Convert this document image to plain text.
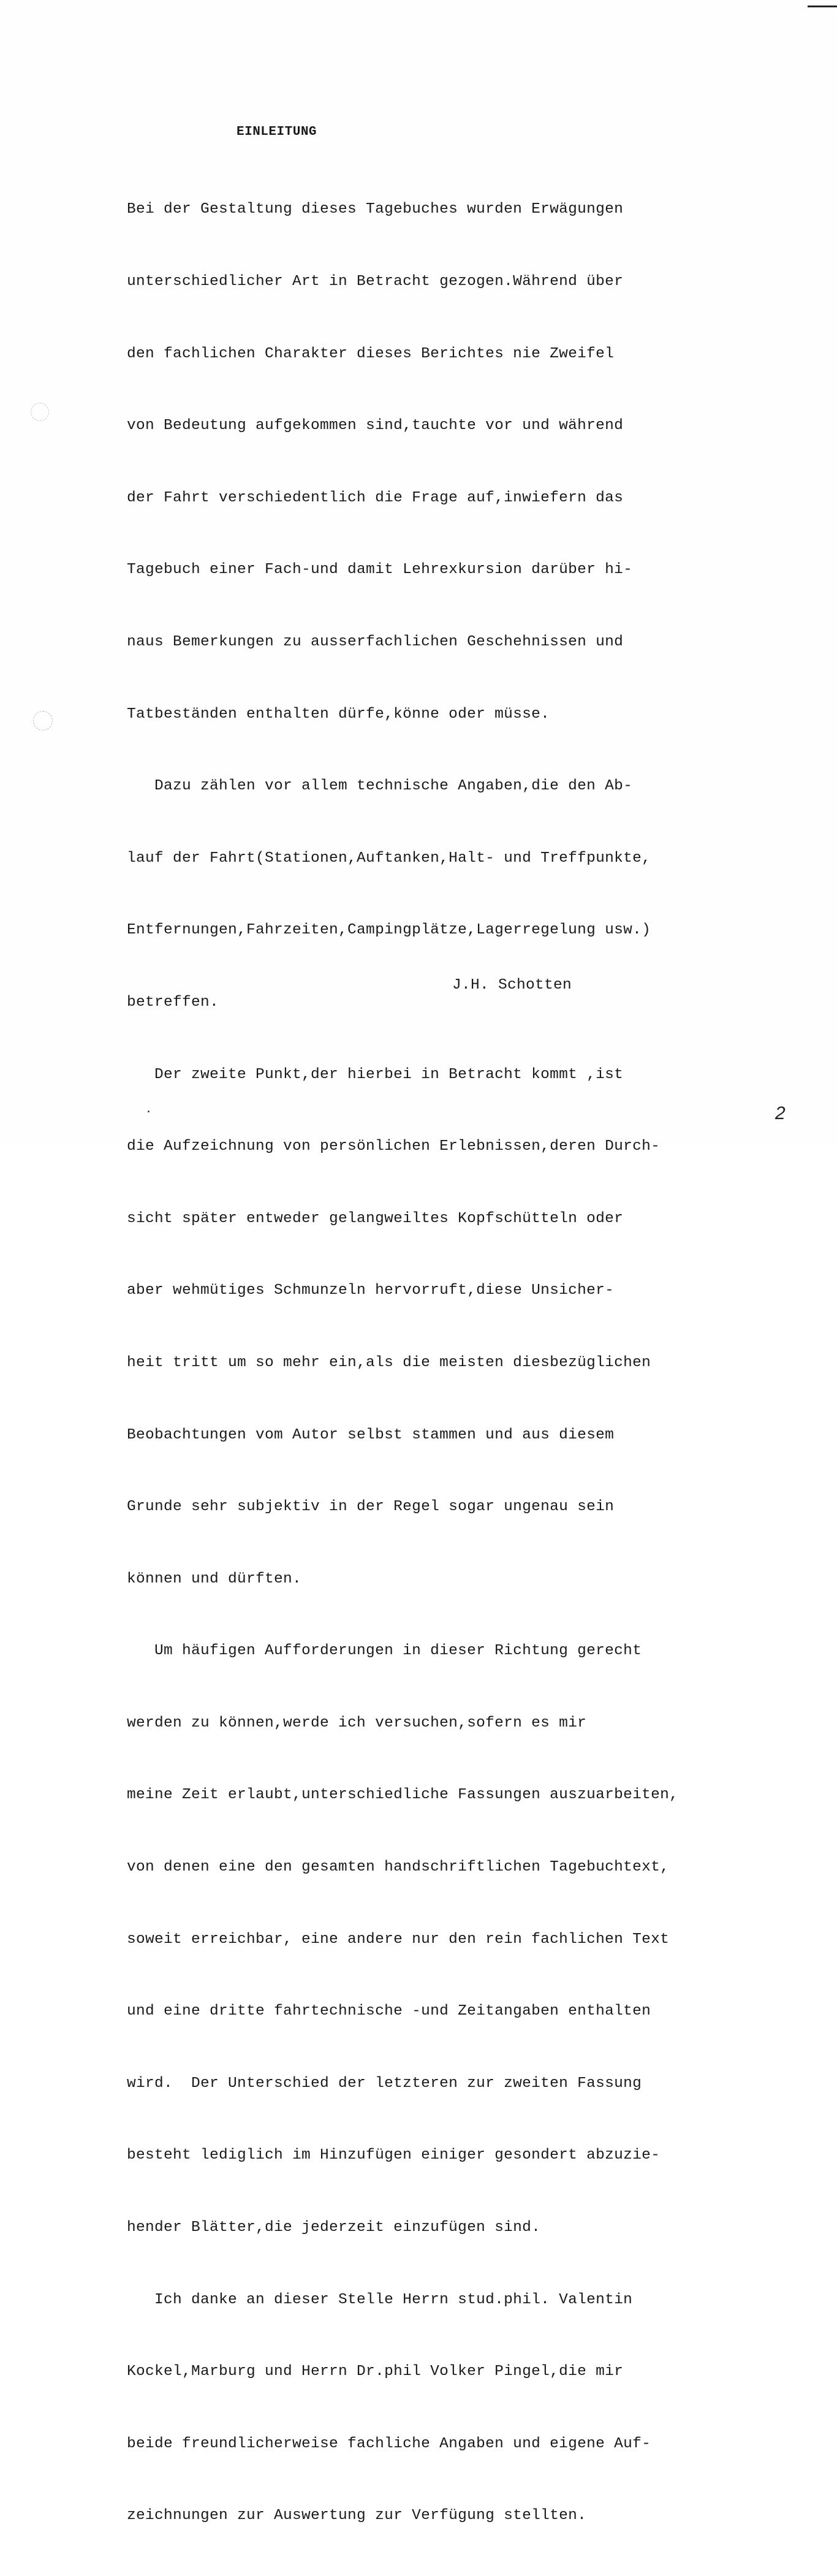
EINLEITUNG

Bei der Gestaltung dieses Tagebuches wurden Erwägungen

unterschiedlicher Art in Betracht gezogen.Während über

den fachlichen Charakter dieses Berichtes nie Zweifel

von Bedeutung aufgekommen sind,tauchte vor und während

der Fahrt verschiedentlich die Frage auf,inwiefern das

Tagebuch einer Fach-und damit Lehrexkursion darüber hi-

naus Bemerkungen zu ausserfachlichen Geschehnissen und

Tatbeständen enthalten dürfe,könne oder müsse.

Dazu zählen vor allem technische Angaben,die den Ab-

lauf der Fahrt(Stationen,Auftanken,Halt- und Treffpunkte,

Entfernungen,Fahrzeiten,Campingplätze,Lagerregelung usw.)

betreffen.

Der zweite Punkt,der hierbei in Betracht kommt ,ist

die Aufzeichnung von persönlichen Erlebnissen,deren Durch-

sicht später entweder gelangweiltes Kopfschütteln oder

aber wehmütiges Schmunzeln hervorruft,diese Unsicher-

heit tritt um so mehr ein,als die meisten diesbezüglichen

Beobachtungen vom Autor selbst stammen und aus diesem

Grunde sehr subjektiv in der Regel sogar ungenau sein

können und dürften.

Um häufigen Aufforderungen in dieser Richtung gerecht

werden zu können,werde ich versuchen,sofern es mir

meine Zeit erlaubt,unterschiedliche Fassungen auszuarbeiten,

von denen eine den gesamten handschriftlichen Tagebuchtext,

soweit erreichbar, eine andere nur den rein fachlichen Text

und eine dritte fahrtechnische -und Zeitangaben enthalten

wird.  Der Unterschied der letzteren zur zweiten Fassung

besteht lediglich im Hinzufügen einiger gesondert abzuzie-

hender Blätter,die jederzeit einzufügen sind.

Ich danke an dieser Stelle Herrn stud.phil. Valentin

Kockel,Marburg und Herrn Dr.phil Volker Pingel,die mir

beide freundlicherweise fachliche Angaben und eigene Auf-

zeichnungen zur Auswertung zur Verfügung stellten.

J.H. Schotten
2
